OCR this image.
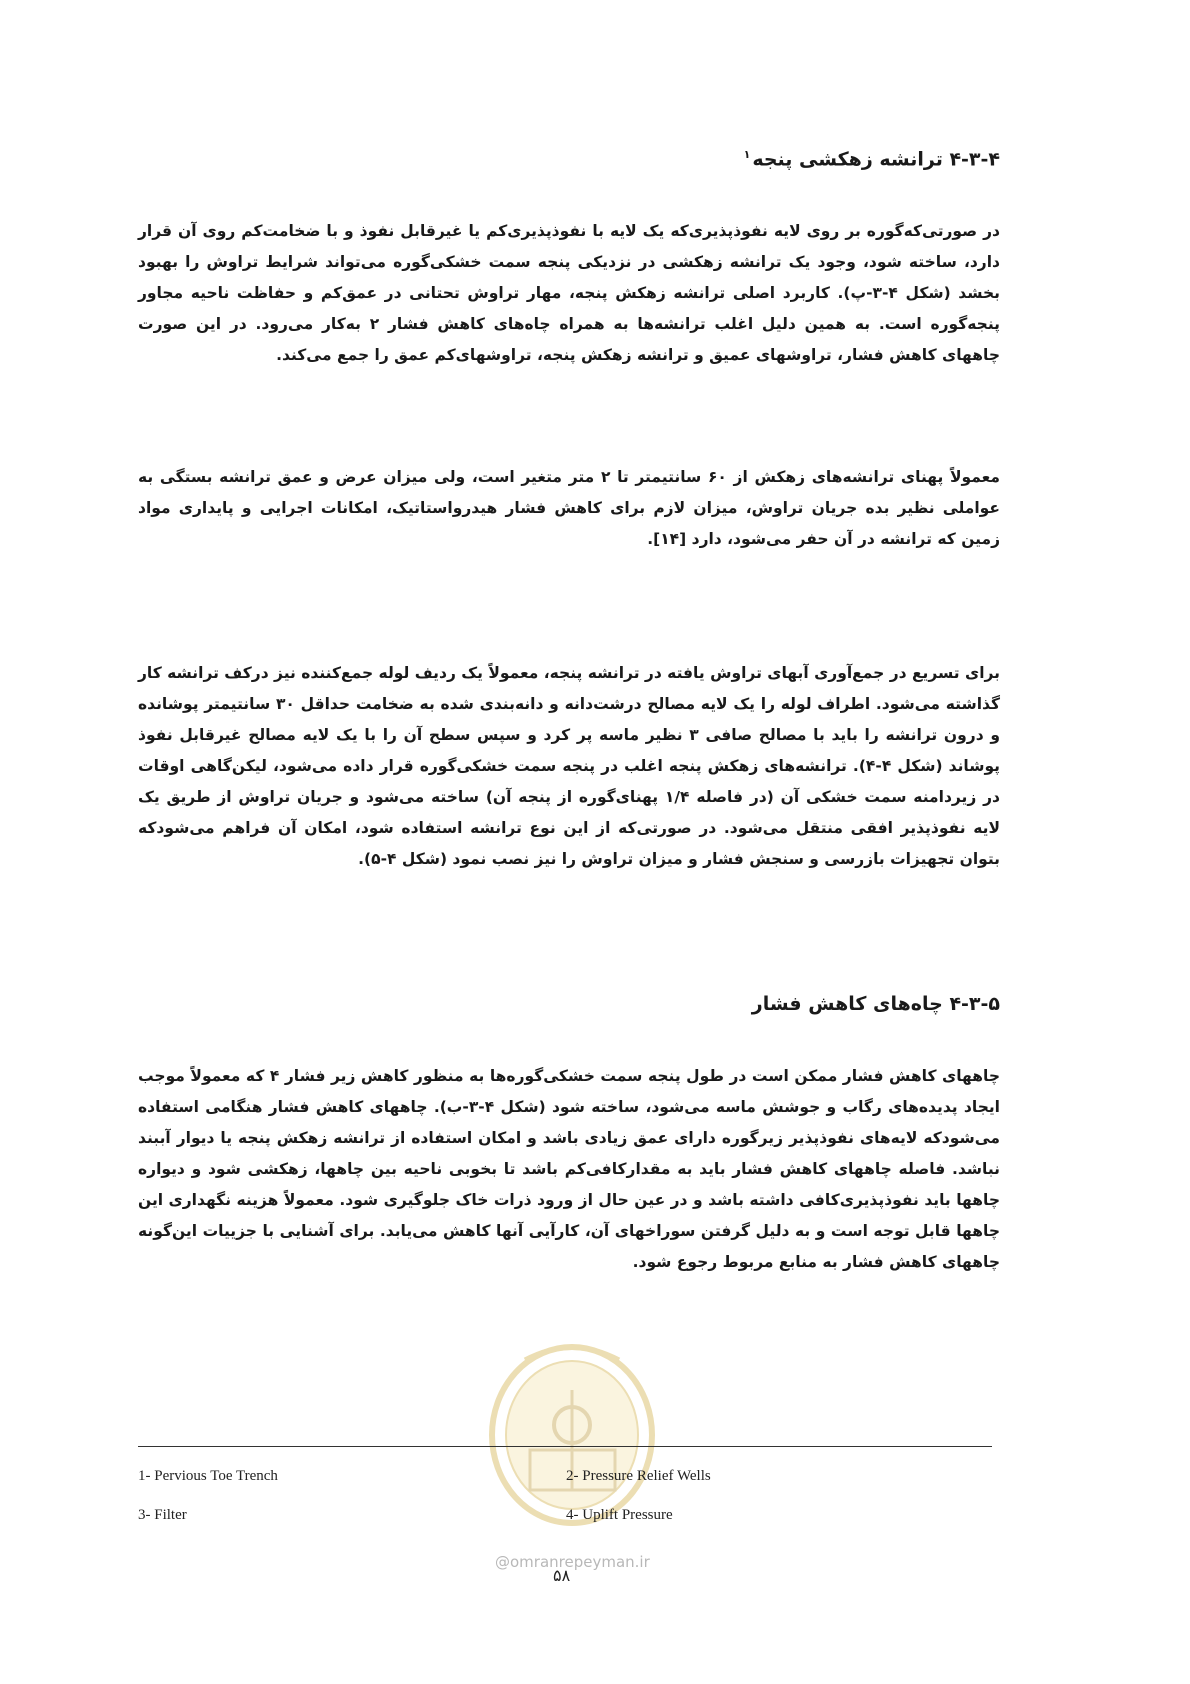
۴-۳-۴ ترانشه زهکشی پنجه$^۱$
در صورتی‌که‌گوره بر روی لایه نفوذپذیری‌که یک لایه با نفوذپذیری‌کم یا غیرقابل نفوذ و با ضخامت‌کم روی آن قرار دارد، ساخته شود، وجود یک ترانشه زهکشی در نزدیکی پنجه سمت خشکی‌گوره می‌تواند شرایط تراوش را بهبود بخشد (شکل ۴-۳-پ). کاربرد اصلی ترانشه زهکش پنجه، مهار تراوش تحتانی در عمق‌کم و حفاظت ناحیه مجاور پنجه‌گوره است. به همین دلیل اغلب ترانشه‌ها به همراه چاه‌های کاهش فشار ۲ به‌کار می‌رود. در این صورت چاههای کاهش فشار، تراوشهای عمیق و ترانشه زهکش پنجه، تراوشهای‌کم عمق را جمع می‌کند.
معمولاً پهنای ترانشه‌های زهکش از ۶۰ سانتیمتر تا ۲ متر متغیر است، ولی میزان عرض و عمق ترانشه بستگی به عواملی نظیر بده جریان تراوش، میزان لازم برای کاهش فشار هیدرواستاتیک، امکانات اجرایی و پایداری مواد زمین که ترانشه در آن حفر می‌شود، دارد [۱۴].
برای تسریع در جمع‌آوری آبهای تراوش یافته در ترانشه پنجه، معمولاً یک ردیف لوله جمع‌کننده نیز درکف ترانشه کار گذاشته می‌شود. اطراف لوله را یک لایه مصالح درشت‌دانه و دانه‌بندی شده به ضخامت حداقل ۳۰ سانتیمتر پوشانده و درون ترانشه را باید با مصالح صافی ۳ نظیر ماسه پر کرد و سپس سطح آن را با یک لایه مصالح غیرقابل نفوذ پوشاند (شکل ۴-۴). ترانشه‌های زهکش پنجه اغلب در پنجه سمت خشکی‌گوره قرار داده می‌شود، لیکن‌گاهی اوقات در زیردامنه سمت خشکی آن (در فاصله ۱/۴ پهنای‌گوره از پنجه آن) ساخته می‌شود و جریان تراوش از طریق یک لایه نفوذپذیر افقی منتقل می‌شود. در صورتی‌که از این نوع ترانشه استفاده شود، امکان آن فراهم می‌شود‌که بتوان تجهیزات بازرسی و سنجش فشار و میزان تراوش را نیز نصب نمود (شکل ۴-۵).
۴-۳-۵ چاه‌های کاهش فشار
چاههای کاهش فشار ممکن است در طول پنجه سمت خشکی‌گوره‌ها به منظور کاهش زیر فشار ۴ که معمولاً موجب ایجاد پدیده‌های رگاب و جوشش ماسه می‌شود، ساخته شود (شکل ۴-۳-ب). چاههای کاهش فشار هنگامی استفاده می‌شود‌که لایه‌های نفوذپذیر زیرگوره دارای عمق زیادی باشد و امکان استفاده از ترانشه زهکش پنجه یا دیوار آببند نباشد. فاصله چاههای کاهش فشار باید به مقدارکافی‌کم باشد تا بخوبی ناحیه بین چاهها، زهکشی شود و دیواره چاهها باید نفوذپذیری‌کافی داشته باشد و در عین حال از ورود ذرات خاک جلوگیری شود. معمولاً هزینه نگهداری این چاهها قابل توجه است و به دلیل گرفتن سوراخهای آن، کارآیی آنها کاهش می‌یابد. برای آشنایی با جزییات این‌گونه چاههای کاهش فشار به منابع مربوط رجوع شود.
1- Pervious Toe Trench	2- Pressure Relief Wells
3- Filter	4- Uplift Pressure
@omranrepeyman.ir
۵۸
